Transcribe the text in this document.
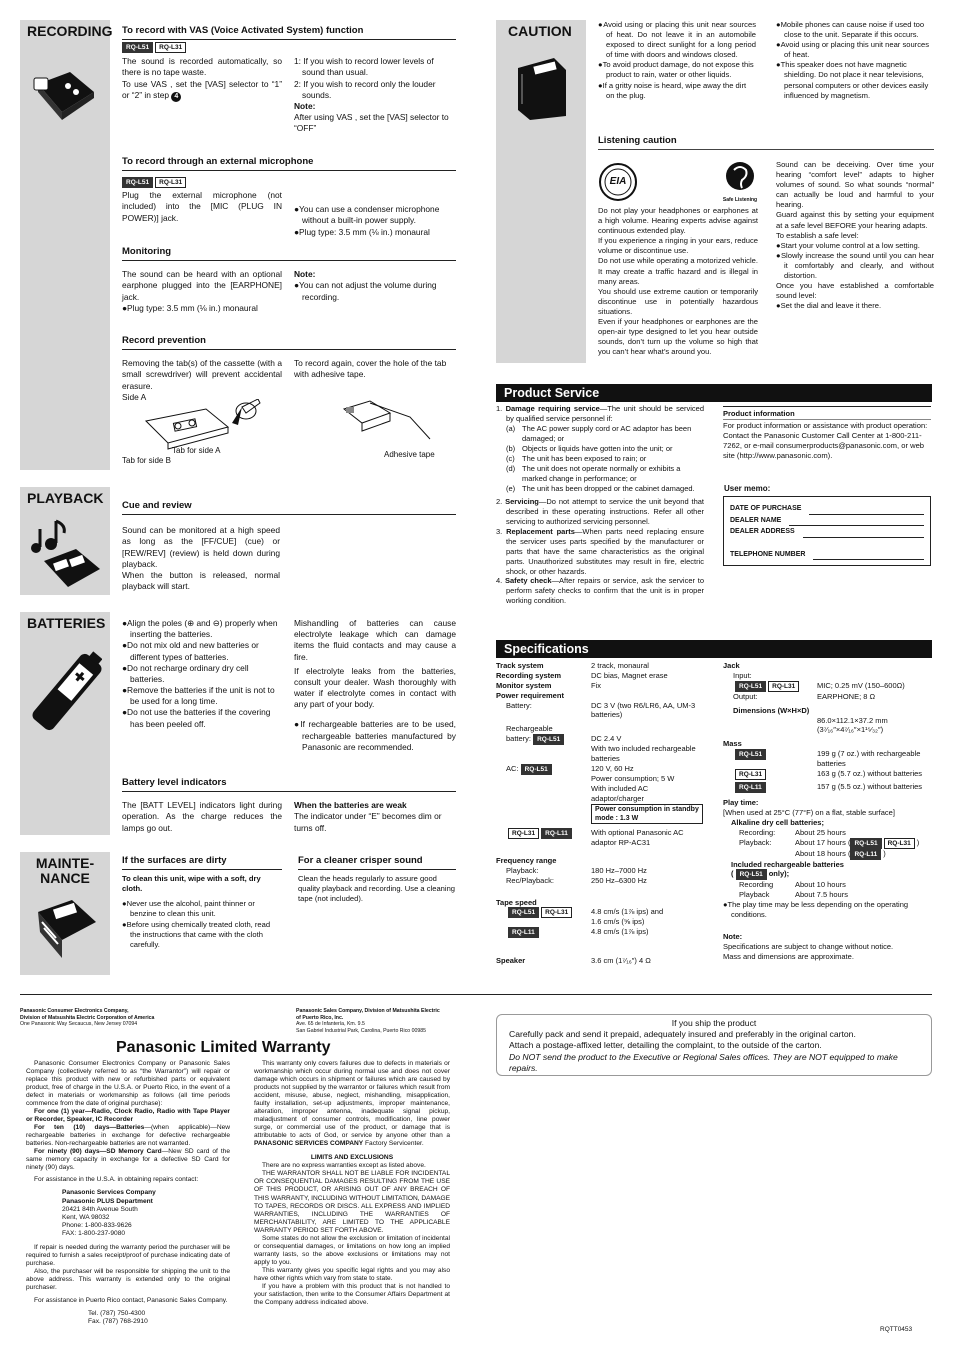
RECORDING
PLAYBACK
BATTERIES
MAINTE-
NANCE
To record with VAS (Voice Activated System) function
RQ-L51 RQ-L31
The sound is recorded automatically, so there is no tape waste.
To use VAS , set the [VAS] selector to “1” or “2” in step 4
1: If you wish to record lower levels of sound than usual.
2: If you wish to record only the louder sounds.
Note:
After using VAS , set the [VAS] selector to “OFF”
To record through an external microphone
RQ-L51 RQ-L31
Plug the external microphone (not included) into the [MIC (PLUG IN POWER)] jack.
●You can use a condenser microphone without a built-in power supply.
●Plug type: 3.5 mm (⅛ in.) monaural
Monitoring
The sound can be heard with an optional earphone plugged into the [EARPHONE] jack.
●Plug type: 3.5 mm (⅛ in.) monaural
Note:
●You can not adjust the volume during recording.
Record prevention
Removing the tab(s) of the cassette (with a small screwdriver) will prevent accidental erasure.
Side A
To record again, cover the hole of the tab with adhesive tape.
Tab for side A
Tab for side B
Adhesive tape
Cue and review
Sound can be monitored at a high speed as long as the [FF/CUE] (cue) or [REW/REV] (review) is held down during playback.
When the button is released, normal playback will start.
●Align the poles (⊕ and ⊖) properly when inserting the batteries.
●Do not mix old and new batteries or different types of batteries.
●Do not recharge ordinary dry cell batteries.
●Remove the batteries if the unit is not to be used for a long time.
●Do not use the batteries if the covering has been peeled off.
Mishandling of batteries can cause electrolyte leakage which can damage items the fluid contacts and may cause a fire.
If electrolyte leaks from the batteries, consult your dealer. Wash thoroughly with water if electrolyte comes in contact with any part of your body.
●If rechargeable batteries are to be used, rechargeable batteries manufactured by Panasonic are recommended.
Battery level indicators
The [BATT LEVEL] indicators light during operation. As the charge reduces the lamps go out.
When the batteries are weak
The indicator under “E” becomes dim or turns off.
If the surfaces are dirty
To clean this unit, wipe with a soft, dry cloth.
●Never use the alcohol, paint thinner or benzine to clean this unit.
●Before using chemically treated cloth, read the instructions that came with the cloth carefully.
For a cleaner crisper sound
Clean the heads regularly to assure good quality playback and recording. Use a cleaning tape (not included).
CAUTION	●Avoid using or placing this unit near sources of heat. Do not leave it in an automobile exposed to direct sunlight for a long period of time with doors and windows closed.
●To avoid product damage, do not expose this product to rain, water or other liquids.
●If a gritty noise is heard, wipe away the dirt on the plug.
●Mobile phones can cause noise if used too close to the unit. Separate if this occurs.
●Avoid using or placing this unit near sources of heat.
●This speaker does not have magnetic shielding. Do not place it near televisions, personal computers or other devices easily influenced by magnetism.
Listening caution
EIA
Safe Listening
Do not play your headphones or earphones at a high volume. Hearing experts advise against continuous extended play.
If you experience a ringing in your ears, reduce volume or discontinue use.
Do not use while operating a motorized vehicle. It may create a traffic hazard and is illegal in many areas.
You should use extreme caution or temporarily discontinue use in potentially hazardous situations.
Even if your headphones or earphones are the open-air type designed to let you hear outside sounds, don’t turn up the volume so high that you can’t hear what’s around you.
Sound can be deceiving. Over time your hearing “comfort level” adapts to higher volumes of sound. So what sounds “normal” can actually be loud and harmful to your hearing.
Guard against this by setting your equipment at a safe level BEFORE your hearing adapts.
To establish a safe level:
●Start your volume control at a low setting.
●Slowly increase the sound until you can hear it comfortably and clearly, and without distortion.
Once you have established a comfortable sound level:
●Set the dial and leave it there.
Product Service
1. Damage requiring service—The unit should be serviced by qualified service personnel if:
(a) The AC power supply cord or AC adaptor has been damaged; or
(b) Objects or liquids have gotten into the unit; or
(c) The unit has been exposed to rain; or
(d) The unit does not operate normally or exhibits a marked change in performance; or
(e) The unit has been dropped or the cabinet damaged.
2. Servicing—Do not attempt to service the unit beyond that described in these operating instructions. Refer all other servicing to authorized servicing personnel.
3. Replacement parts—When parts need replacing ensure the servicer uses parts specified by the manufacturer or parts that have the same characteristics as the original parts. Unauthorized substitutes may result in fire, electric shock, or other hazards.
4. Safety check—After repairs or service, ask the servicer to perform safety checks to confirm that the unit is in proper working condition.
Product information
For product information or assistance with product operation: Contact the Panasonic Customer Call Center at 1-800-211-7262, or e-mail consumerproducts@panasonic.com, or web site (http://www.panasonic.com).
User memo:
DATE OF PURCHASE
DEALER NAME
DEALER ADDRESS
TELEPHONE NUMBER
Specifications
Track system	2 track, monaural
Recording system	DC bias, Magnet erase
Monitor system	Fix
Power requirement
Battery:	DC 3 V (two R6/LR6, AA, UM-3 batteries)
Rechargeable
battery: RQ-L51	DC 2.4 V
With two included rechargeable batteries
AC: RQ-L51	120 V, 60 Hz
Power consumption; 5 W
With included AC adaptor/charger
Power consumption in standby mode : 1.3 W
RQ-L31 RQ-L11	With optional Panasonic AC adaptor RP-AC31
Frequency range
Playback:	180 Hz–7000 Hz
Rec/Playback:	250 Hz–6300 Hz
Tape speed
RQ-L51 RQ-L31	4.8 cm/s (1⅞ ips) and
1.6 cm/s (⅝ ips)
RQ-L11	4.8 cm/s (1⅞ ips)
Speaker	3.6 cm (1⁷⁄₁₆″) 4 Ω
Jack
Input:
RQ-L51 RQ-L31	MIC; 0.25 mV (150–600Ω)
Output:	EARPHONE; 8 Ω
Dimensions (W×H×D)
86.0×112.1×37.2 mm
(3⁷⁄₁₆″×4⁷⁄₁₆″×1¹⁵⁄₃₂″)
Mass
RQ-L51	199 g (7 oz.) with rechargeable batteries
RQ-L31	163 g (5.7 oz.) without batteries
RQ-L11	157 g (5.5 oz.) without batteries
Play time:
[When used at 25°C (77°F) on a flat, stable surface]
Alkaline dry cell batteries;
Recording:	About 25 hours
Playback:	About 17 hours ( RQ-L51 RQ-L31 )
About 18 hours ( RQ-L11 )
Included rechargeable batteries
( RQ-L51 only);
Recording	About 10 hours
Playback	About 7.5 hours
●The play time may be less depending on the operating conditions.
Note:
Specifications are subject to change without notice.
Mass and dimensions are approximate.
Panasonic Consumer Electronics Company,
Division of Matsushita Electric Corporation of America
One Panasonic Way Secaucus, New Jersey 07094
Panasonic Sales Company, Division of Matsushita Electric
of Puerto Rico, Inc.
Ave. 65 de Infantería, Km. 9.5
San Gabriel Industrial Park, Carolina, Puerto Rico 00985
Panasonic Limited Warranty
Panasonic Consumer Electronics Company or Panasonic Sales Company (collectively referred to as “the Warrantor”) will repair or replace this product with new or refurbished parts or equivalent product, free of charge in the U.S.A. or Puerto Rico, in the event of a defect in materials or workmanship as follows (all time periods commence from the date of original purchase):
For one (1) year—Radio, Clock Radio, Radio with Tape Player or Recorder, Speaker, IC Recorder
For ten (10) days—Batteries—(when applicable)—New rechargeable batteries in exchange for defective rechargeable batteries. Non-rechargeable batteries are not warranted.
For ninety (90) days—SD Memory Card—New SD card of the same memory capacity in exchange for a defective SD Card for ninety (90) days.
For assistance in the U.S.A. in obtaining repairs contact:
Panasonic Services Company
Panasonic PLUS Department
20421 84th Avenue South
Kent, WA 98032
Phone: 1-800-833-9626
FAX: 1-800-237-9080
If repair is needed during the warranty period the purchaser will be required to furnish a sales receipt/proof of purchase indicating date of purchase.
Also, the purchaser will be responsible for shipping the unit to the above address. This warranty is extended only to the original purchaser.
For assistance in Puerto Rico contact, Panasonic Sales Company.
Tel. (787) 750-4300
Fax. (787) 768-2910
This warranty only covers failures due to defects in materials or workmanship which occur during normal use and does not cover damage which occurs in shipment or failures which are caused by products not supplied by the warrantor or failures which result from accident, misuse, abuse, neglect, mishandling, misapplication, faulty installation, set-up adjustments, improper maintenance, alteration, improper antenna, inadequate signal pickup, maladjustment of consumer controls, modification, line power surge, or commercial use of the product, or damage that is attributable to acts of God, or service by anyone other than a PANASONIC SERVICES COMPANY Factory Servicenter.
LIMITS AND EXCLUSIONS
There are no express warranties except as listed above.
THE WARRANTOR SHALL NOT BE LIABLE FOR INCIDENTAL OR CONSEQUENTIAL DAMAGES RESULTING FROM THE USE OF THIS PRODUCT, OR ARISING OUT OF ANY BREACH OF THIS WARRANTY, INCLUDING WITHOUT LIMITATION, DAMAGE TO TAPES, RECORDS OR DISCS. ALL EXPRESS AND IMPLIED WARRANTIES, INCLUDING THE WARRANTIES OF MERCHANTABILITY, ARE LIMITED TO THE APPLICABLE WARRANTY PERIOD SET FORTH ABOVE.
Some states do not allow the exclusion or limitation of incidental or consequential damages, or limitations on how long an implied warranty lasts, so the above exclusions or limitations may not apply to you.
This warranty gives you specific legal rights and you may also have other rights which vary from state to state.
If you have a problem with this product that is not handled to your satisfaction, then write to the Consumer Affairs Department at the Company address indicated above.
If you ship the product
Carefully pack and send it prepaid, adequately insured and preferably in the original carton.
Attach a postage-affixed letter, detailing the complaint, to the outside of the carton.
Do NOT send the product to the Executive or Regional Sales offices. They are NOT equipped to make repairs.
RQTT0453
